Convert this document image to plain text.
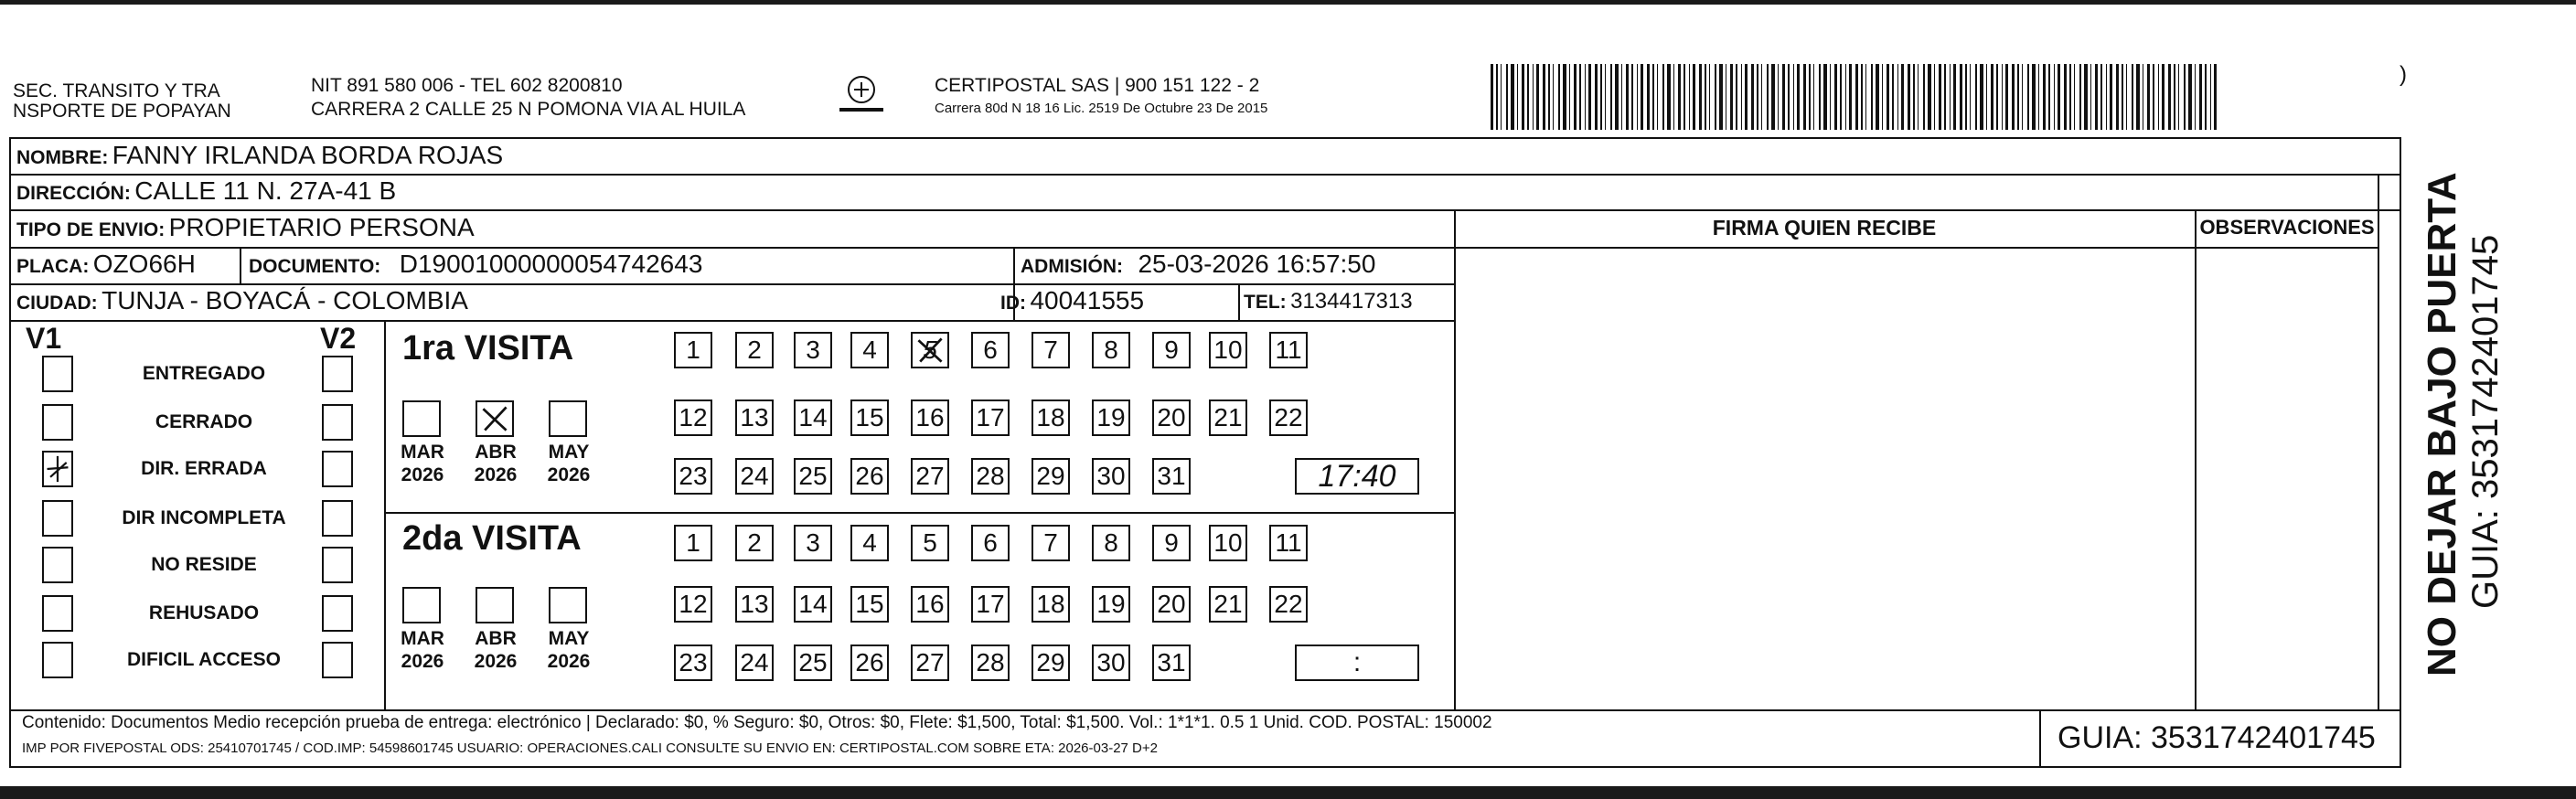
SEC. TRANSITO Y TRA
NSPORTE DE POPAYAN
NIT 891 580 006 - TEL 602 8200810
CARRERA 2 CALLE 25 N POMONA VIA AL HUILA
CERTIPOSTAL SAS | 900 151 122 - 2
Carrera 80d N 18 16 Lic. 2519 De Octubre 23 De 2015
)
NOMBRE: FANNY IRLANDA BORDA ROJAS
DIRECCIÓN: CALLE 11 N. 27A-41 B
TIPO DE ENVIO: PROPIETARIO PERSONA
PLACA: OZO66H	DOCUMENTO: D19001000000054742643	ADMISIÓN: 25-03-2026 16:57:50
CIUDAD: TUNJA - BOYACÁ - COLOMBIA	ID: 40041555	TEL: 3134417313
FIRMA QUIEN RECIBE	OBSERVACIONES
V1	V2
ENTREGADO
CERRADO
DIR. ERRADA
DIR INCOMPLETA
NO RESIDE
REHUSADO
DIFICIL ACCESO
1ra VISITA
2da VISITA
MAR
2026
ABR
2026
MAY
2026
1	2	3	4	5	6	7	8	9	10 11
12 13 14 15 16 17 18 19 20 21 22
23 24 25 26 27 28 29 30 31	17:40
MAR
2026
ABR
2026
MAY
2026
1	2	3	4	5	6	7	8	9	10 11
12 13 14 15 16 17 18 19 20 21 22
23 24 25 26 27 28 29 30 31	:
Contenido: Documentos Medio recepción prueba de entrega: electrónico | Declarado: $0, % Seguro: $0, Otros: $0, Flete: $1,500, Total: $1,500. Vol.: 1*1*1. 0.5 1 Unid. COD. POSTAL: 150002
IMP POR FIVEPOSTAL ODS: 25410701745 / COD.IMP: 54598601745 USUARIO: OPERACIONES.CALI CONSULTE SU ENVIO EN: CERTIPOSTAL.COM SOBRE ETA: 2026-03-27 D+2	GUIA: 3531742401745
NO DEJAR BAJO PUERTA GUIA: 3531742401745
